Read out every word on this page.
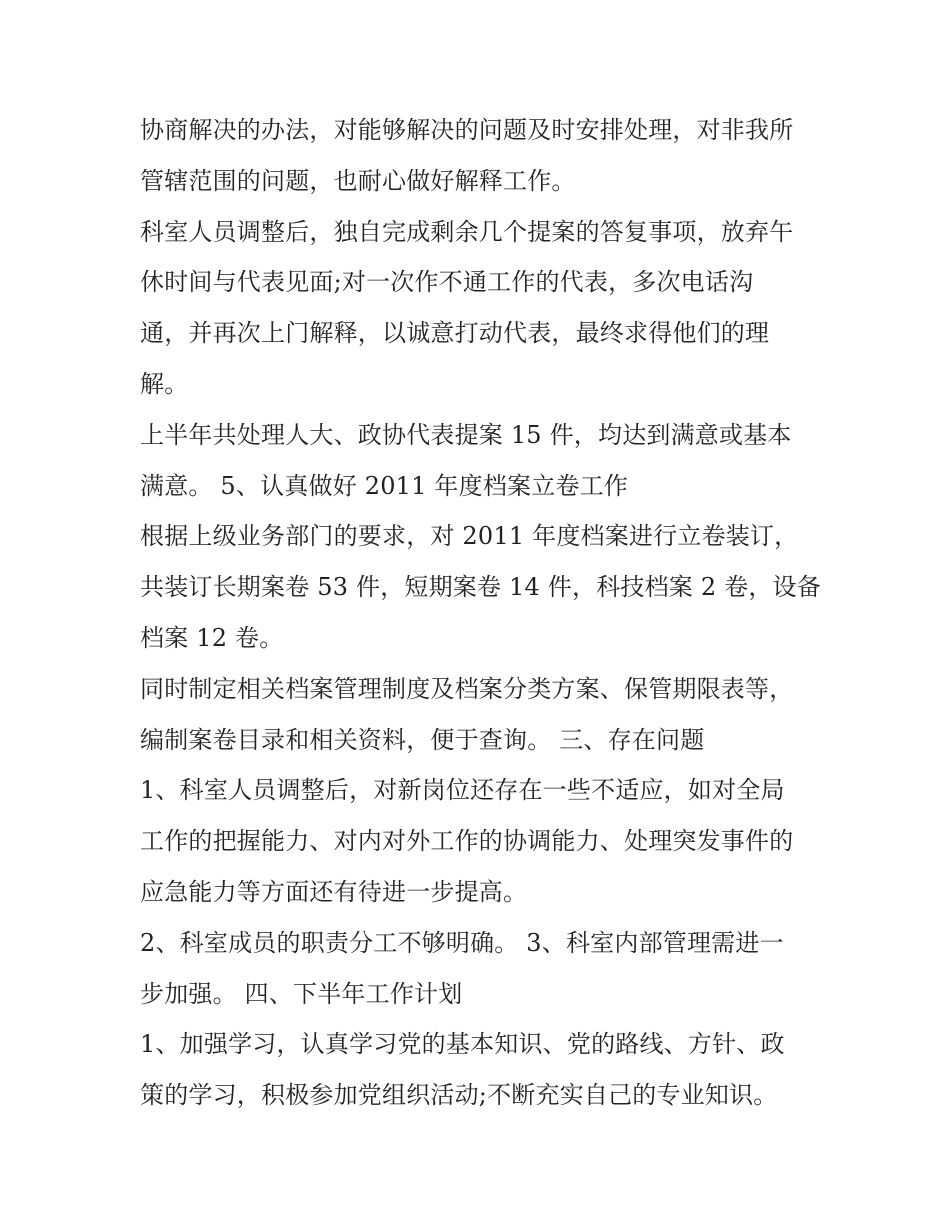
协商解决的办法，对能够解决的问题及时安排处理，对非我所
管辖范围的问题，也耐心做好解释工作。
科室人员调整后，独自完成剩余几个提案的答复事项，放弃午
休时间与代表见面;对一次作不通工作的代表，多次电话沟
通，并再次上门解释，以诚意打动代表，最终求得他们的理
解。
上半年共处理人大、政协代表提案 15 件，均达到满意或基本
满意。 5、认真做好 2011 年度档案立卷工作
根据上级业务部门的要求，对 2011 年度档案进行立卷装订，
共装订长期案卷 53 件，短期案卷 14 件，科技档案 2 卷，设备
档案 12 卷。
同时制定相关档案管理制度及档案分类方案、保管期限表等，
编制案卷目录和相关资料，便于查询。 三、存在问题
1、科室人员调整后，对新岗位还存在一些不适应，如对全局
工作的把握能力、对内对外工作的协调能力、处理突发事件的
应急能力等方面还有待进一步提高。
2、科室成员的职责分工不够明确。 3、科室内部管理需进一
步加强。 四、下半年工作计划
1、加强学习，认真学习党的基本知识、党的路线、方针、政
策的学习，积极参加党组织活动;不断充实自己的专业知识。
